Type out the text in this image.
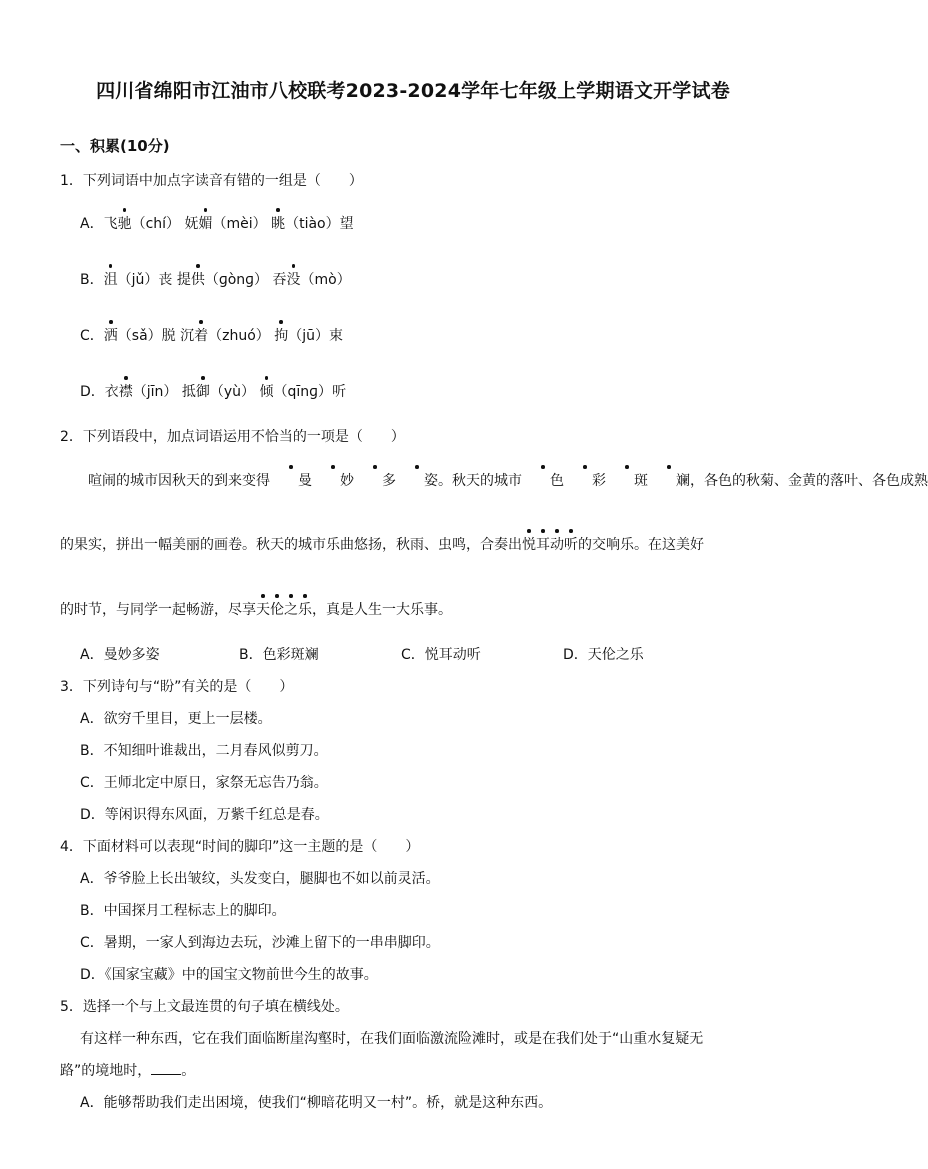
四川省绵阳市江油市八校联考2023-2024学年七年级上学期语文开学试卷
一、积累(10分)
1．下列词语中加点字读音有错的一组是（　　）
A．飞驰（chí） 妩媚（mèi） 眺（tiào）望
B．沮（jǔ）丧 提供（ɡònɡ） 吞没（mò）
C．洒（sǎ）脱 沉着（zhuó） 拘（jū）束
D．衣襟（jīn） 抵御（yù） 倾（qīnɡ）听
2．下列语段中，加点词语运用不恰当的一项是（　　）
喧闹的城市因秋天的到来变得 曼 妙 多 姿。秋天的城市 色 彩 斑 斓，各色的秋菊、金黄的落叶、各色成熟
的果实，拼出一幅美丽的画卷。秋天的城市乐曲悠扬，秋雨、虫鸣，合奏出悦耳动听的交响乐。在这美好
的时节，与同学一起畅游，尽享天伦之乐，真是人生一大乐事。
A．曼妙多姿	B．色彩斑斓	C．悦耳动听	D．天伦之乐
3．下列诗句与“盼”有关的是（　　）
A．欲穷千里目，更上一层楼。
B．不知细叶谁裁出，二月春风似剪刀。
C．王师北定中原日，家祭无忘告乃翁。
D．等闲识得东风面，万紫千红总是春。
4．下面材料可以表现“时间的脚印”这一主题的是（　　）
A．爷爷脸上长出皱纹，头发变白，腿脚也不如以前灵活。
B．中国探月工程标志上的脚印。
C．暑期，一家人到海边去玩，沙滩上留下的一串串脚印。
D．《国家宝藏》中的国宝文物前世今生的故事。
5．选择一个与上文最连贯的句子填在横线处。
有这样一种东西，它在我们面临断崖沟壑时，在我们面临激流险滩时，或是在我们处于“山重水复疑无
路”的境地时， 。
A．能够帮助我们走出困境，使我们“柳暗花明又一村”。桥，就是这种东西。
